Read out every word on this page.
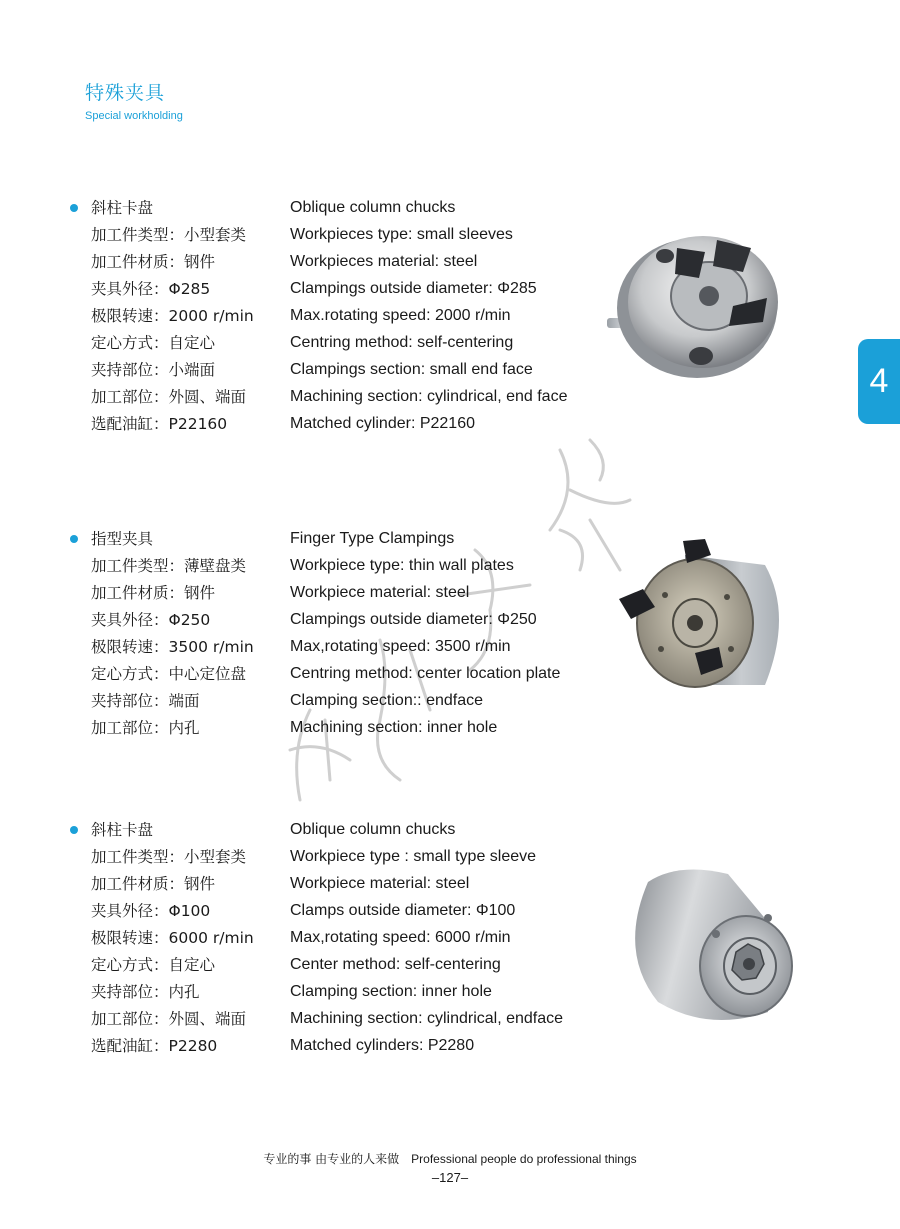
特殊夹具
Special workholding
4
斜柱卡盘	Oblique column chucks
加工件类型：小型套类	Workpieces type: small sleeves
加工件材质：钢件	Workpieces material: steel
夹具外径：Φ285	Clampings outside diameter: Φ285
极限转速：2000 r/min Max.rotating speed: 2000 r/min
定心方式：自定心	Centring method: self-centering
夹持部位：小端面	Clampings section: small end face
加工部位：外圆、端面	Machining section: cylindrical, end face
选配油缸：P22160	Matched cylinder: P22160
指型夹具	Finger Type Clampings
加工件类型：薄壁盘类	Workpiece type: thin wall plates
加工件材质：钢件	Workpiece material: steel
夹具外径：Φ250	Clampings outside diameter: Φ250
极限转速：3500 r/min Max,rotating speed: 3500 r/min
定心方式：中心定位盘	Centring method: center location plate
夹持部位：端面	Clamping section:: endface
加工部位：内孔	Machining section: inner hole
斜柱卡盘	Oblique column chucks
加工件类型：小型套类	Workpiece type : small type sleeve
加工件材质：钢件	Workpiece material: steel
夹具外径：Φ100	Clamps outside diameter: Φ100
极限转速：6000 r/min Max,rotating speed: 6000 r/min
定心方式：自定心	Center method: self-centering
夹持部位：内孔	Clamping section: inner hole
加工部位：外圆、端面	Machining section: cylindrical, endface
选配油缸：P2280	Matched cylinders: P2280
专业的事 由专业的人来做 Professional people do professional things
–127–
